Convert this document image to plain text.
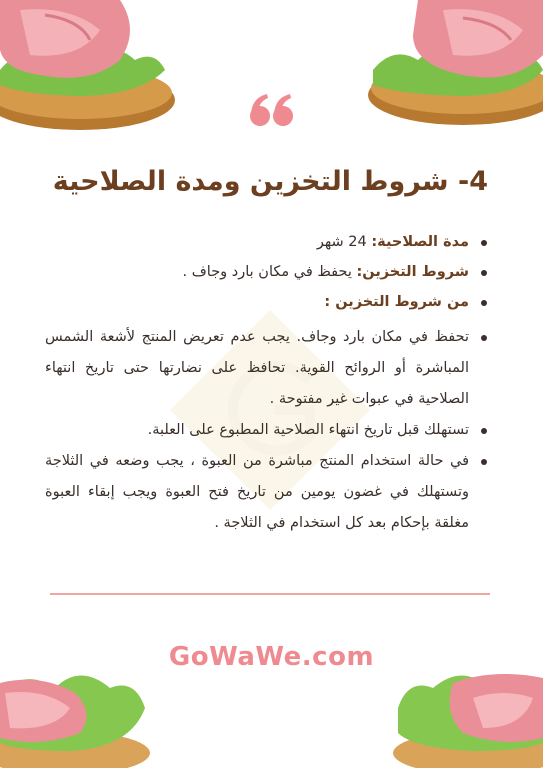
4- شروط التخزين ومدة الصلاحية
مدة الصلاحية: 24 شهر
شروط التخزين: يحفظ في مكان بارد وجاف .
من شروط التخزين :
تحفظ في مكان بارد وجاف. يجب عدم تعريض المنتج لأشعة الشمس المباشرة أو الروائح القوية. تحافظ على نضارتها حتى تاريخ انتهاء الصلاحية في عبوات غير مفتوحة .
تستهلك قبل تاريخ انتهاء الصلاحية المطبوع على العلبة.
في حالة استخدام المنتج مباشرة من العبوة ، يجب وضعه في الثلاجة وتستهلك في غضون يومين من تاريخ فتح العبوة ويجب إبقاء العبوة مغلقة بإحكام بعد كل استخدام في الثلاجة .
GoWaWe.com
